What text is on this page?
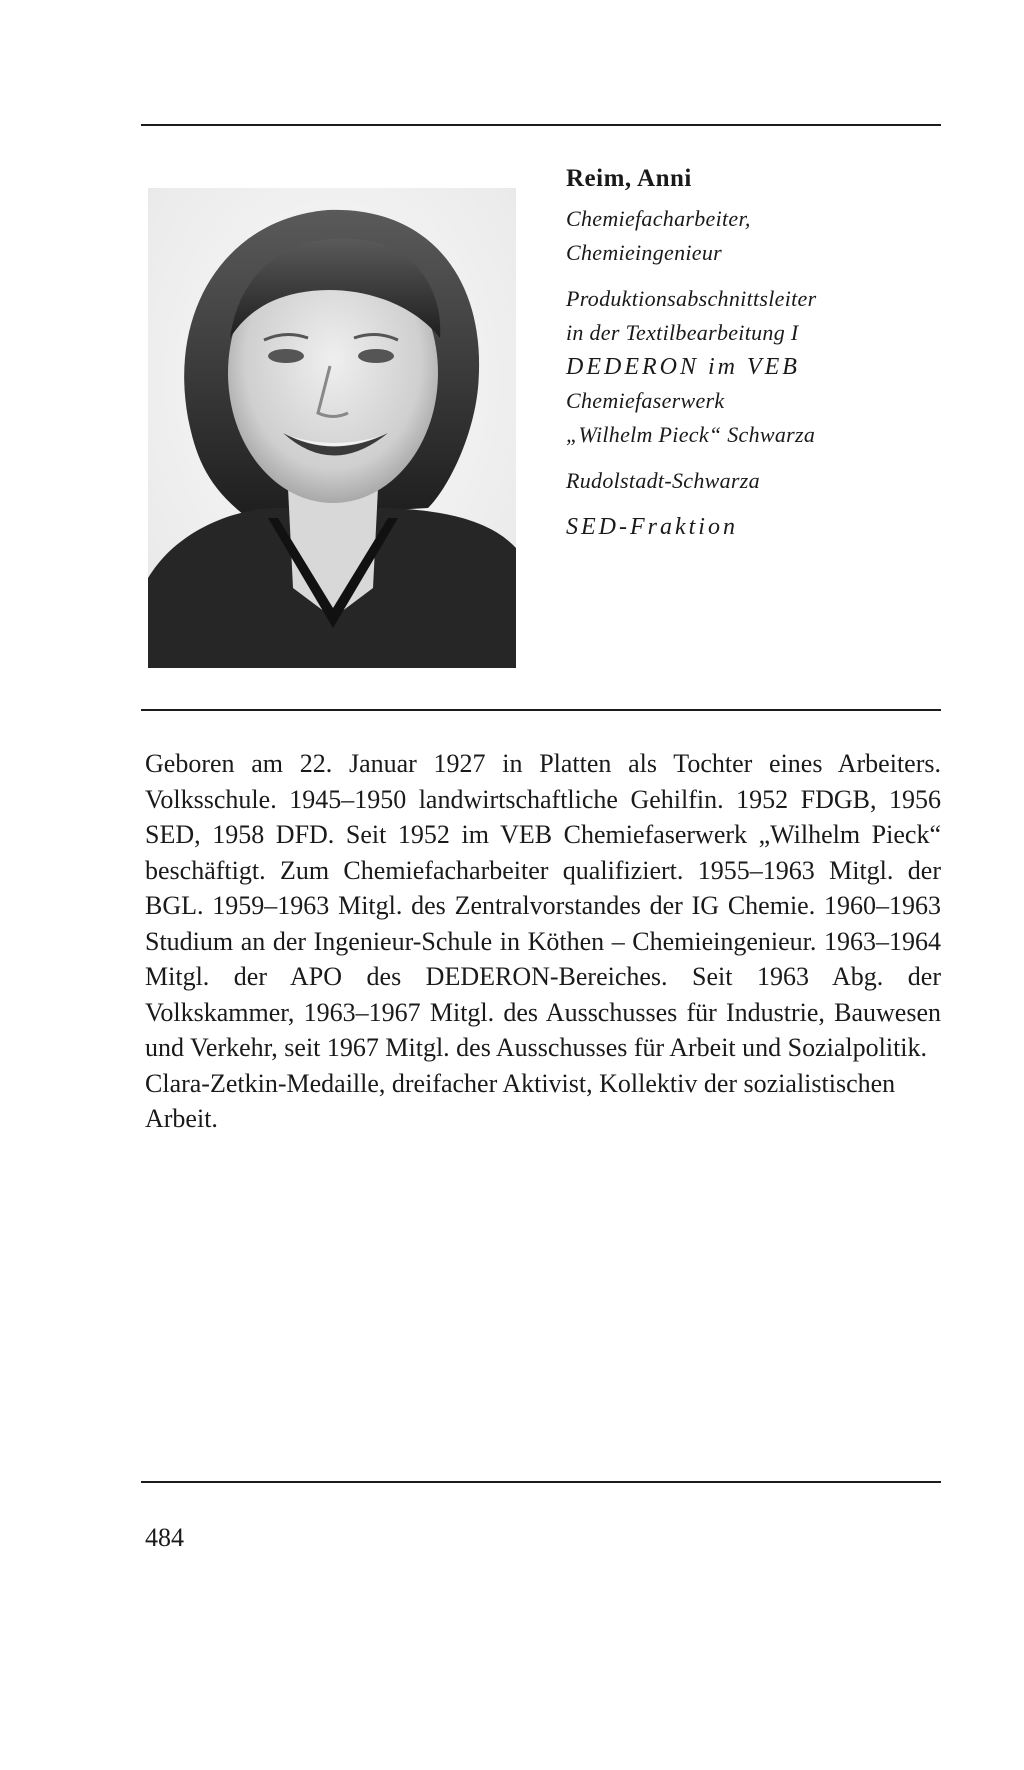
Reim, Anni

Chemiefacharbeiter,

Chemieingenieur

Produktionsabschnittsleiter

in der Textilbearbeitung I

DEDERON im VEB

Chemiefaserwerk

„Wilhelm Pieck“ Schwarza

Rudolstadt-Schwarza

SED-Fraktion

Geboren am 22. Januar 1927 in Platten als Tochter eines Arbeiters. Volksschule. 1945–1950 landwirtschaftliche Gehilfin. 1952 FDGB, 1956 SED, 1958 DFD. Seit 1952 im VEB Chemiefaserwerk „Wilhelm Pieck“ beschäftigt. Zum Chemiefacharbeiter qualifiziert. 1955–1963 Mitgl. der BGL. 1959–1963 Mitgl. des Zentralvorstandes der IG Chemie. 1960–1963 Studium an der Ingenieur-Schule in Köthen – Chemieingenieur. 1963–1964 Mitgl. der APO des DEDERON-Bereiches. Seit 1963 Abg. der Volkskammer, 1963–1967 Mitgl. des Ausschusses für Industrie, Bauwesen und Verkehr, seit 1967 Mitgl. des Ausschusses für Arbeit und Sozialpolitik.

Clara-Zetkin-Medaille, dreifacher Aktivist, Kollektiv der sozialistischen Arbeit.

484
